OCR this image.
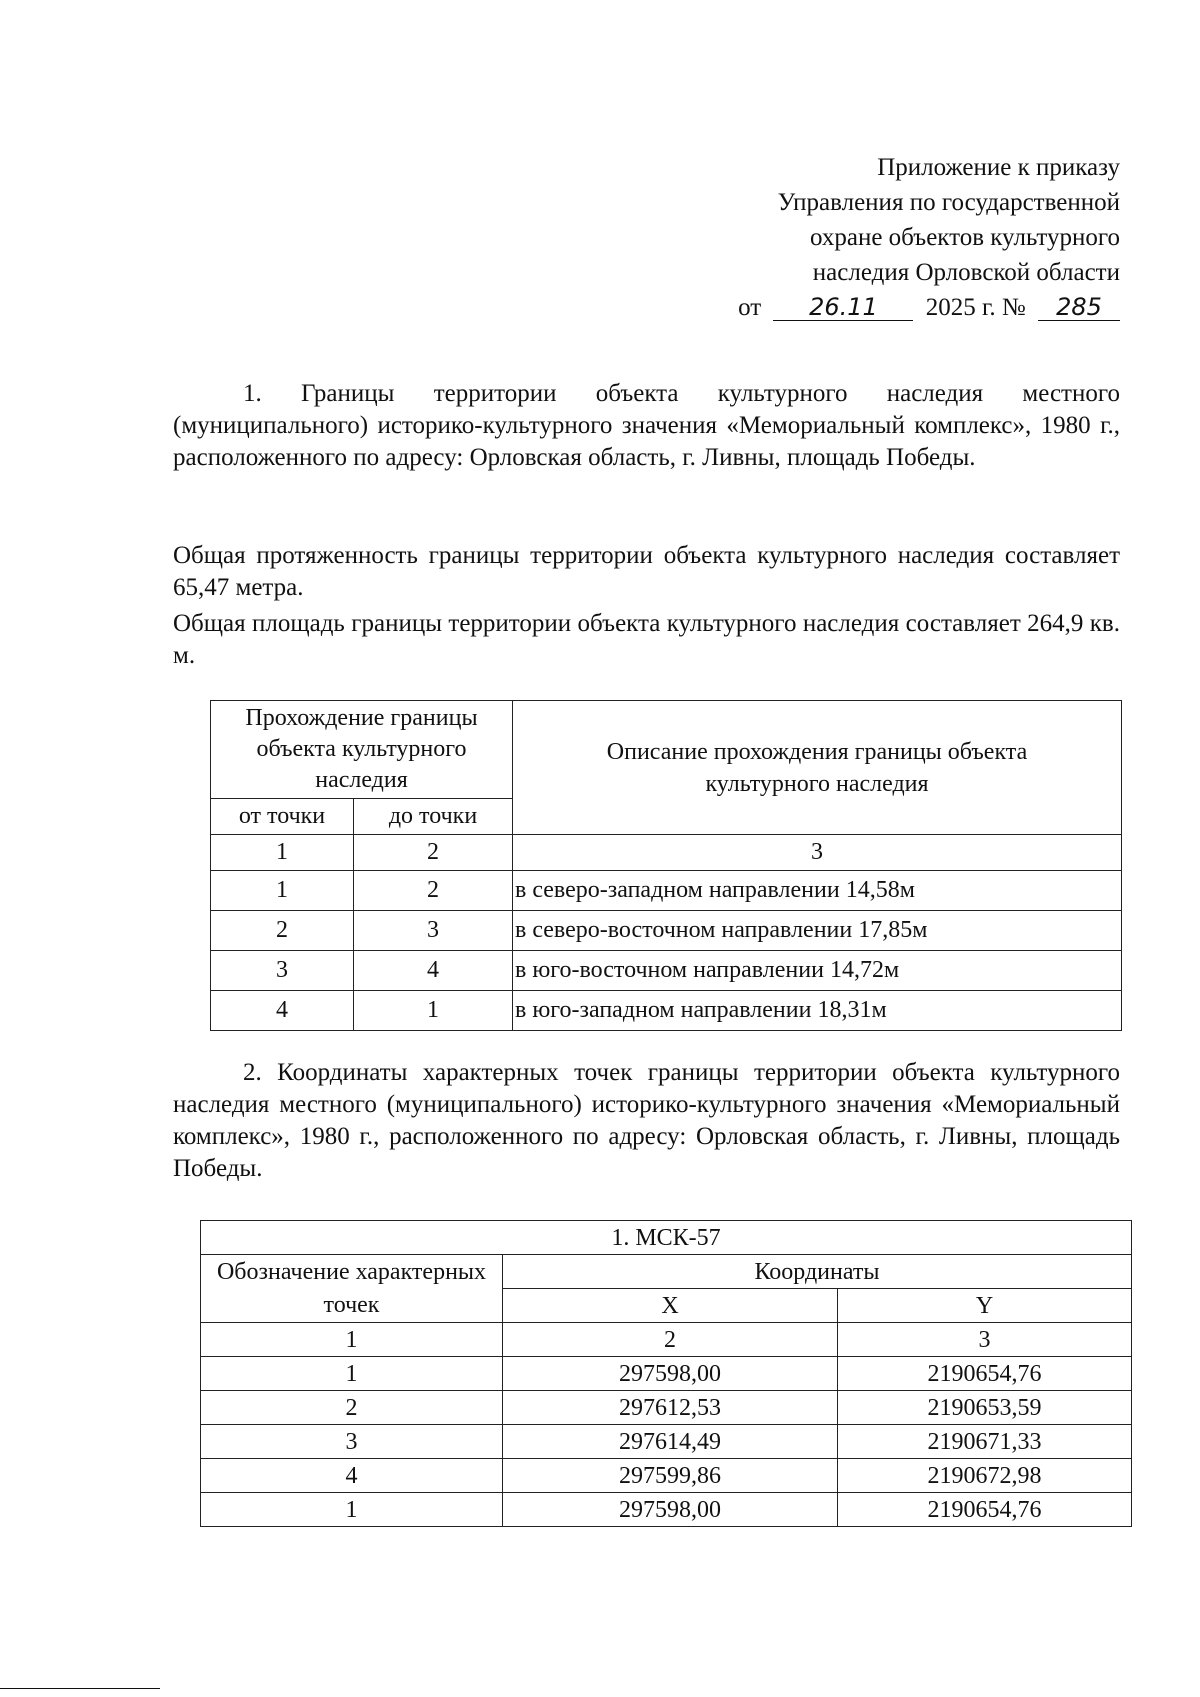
Приложение к приказу
Управления по государственной
охране объектов культурного
наследия Орловской области
от 26.11 2025 г. № 285

1. Границы территории объекта культурного наследия местного (муниципального) историко-культурного значения «Мемориальный комплекс», 1980 г., расположенного по адресу: Орловская область, г. Ливны, площадь Победы.

Общая протяженность границы территории объекта культурного наследия составляет 65,47 метра.

Общая площадь границы территории объекта культурного наследия составляет 264,9 кв. м.

Прохождение границы объекта культурного наследия		Описание прохождения границы объекта культурного наследия
от точки	до точки	
1	2	3
1	2	в северо-западном направлении 14,58м
2	3	в северо-восточном направлении 17,85м
3	4	в юго-восточном направлении 14,72м
4	1	в юго-западном направлении 18,31м

2. Координаты характерных точек границы территории объекта культурного наследия местного (муниципального) историко-культурного значения «Мемориальный комплекс», 1980 г., расположенного по адресу: Орловская область, г. Ливны, площадь Победы.

1. МСК-57		
Обозначение характерных точек	Координаты	
	X	Y
1	2	3
1	297598,00	2190654,76
2	297612,53	2190653,59
3	297614,49	2190671,33
4	297599,86	2190672,98
1	297598,00	2190654,76
